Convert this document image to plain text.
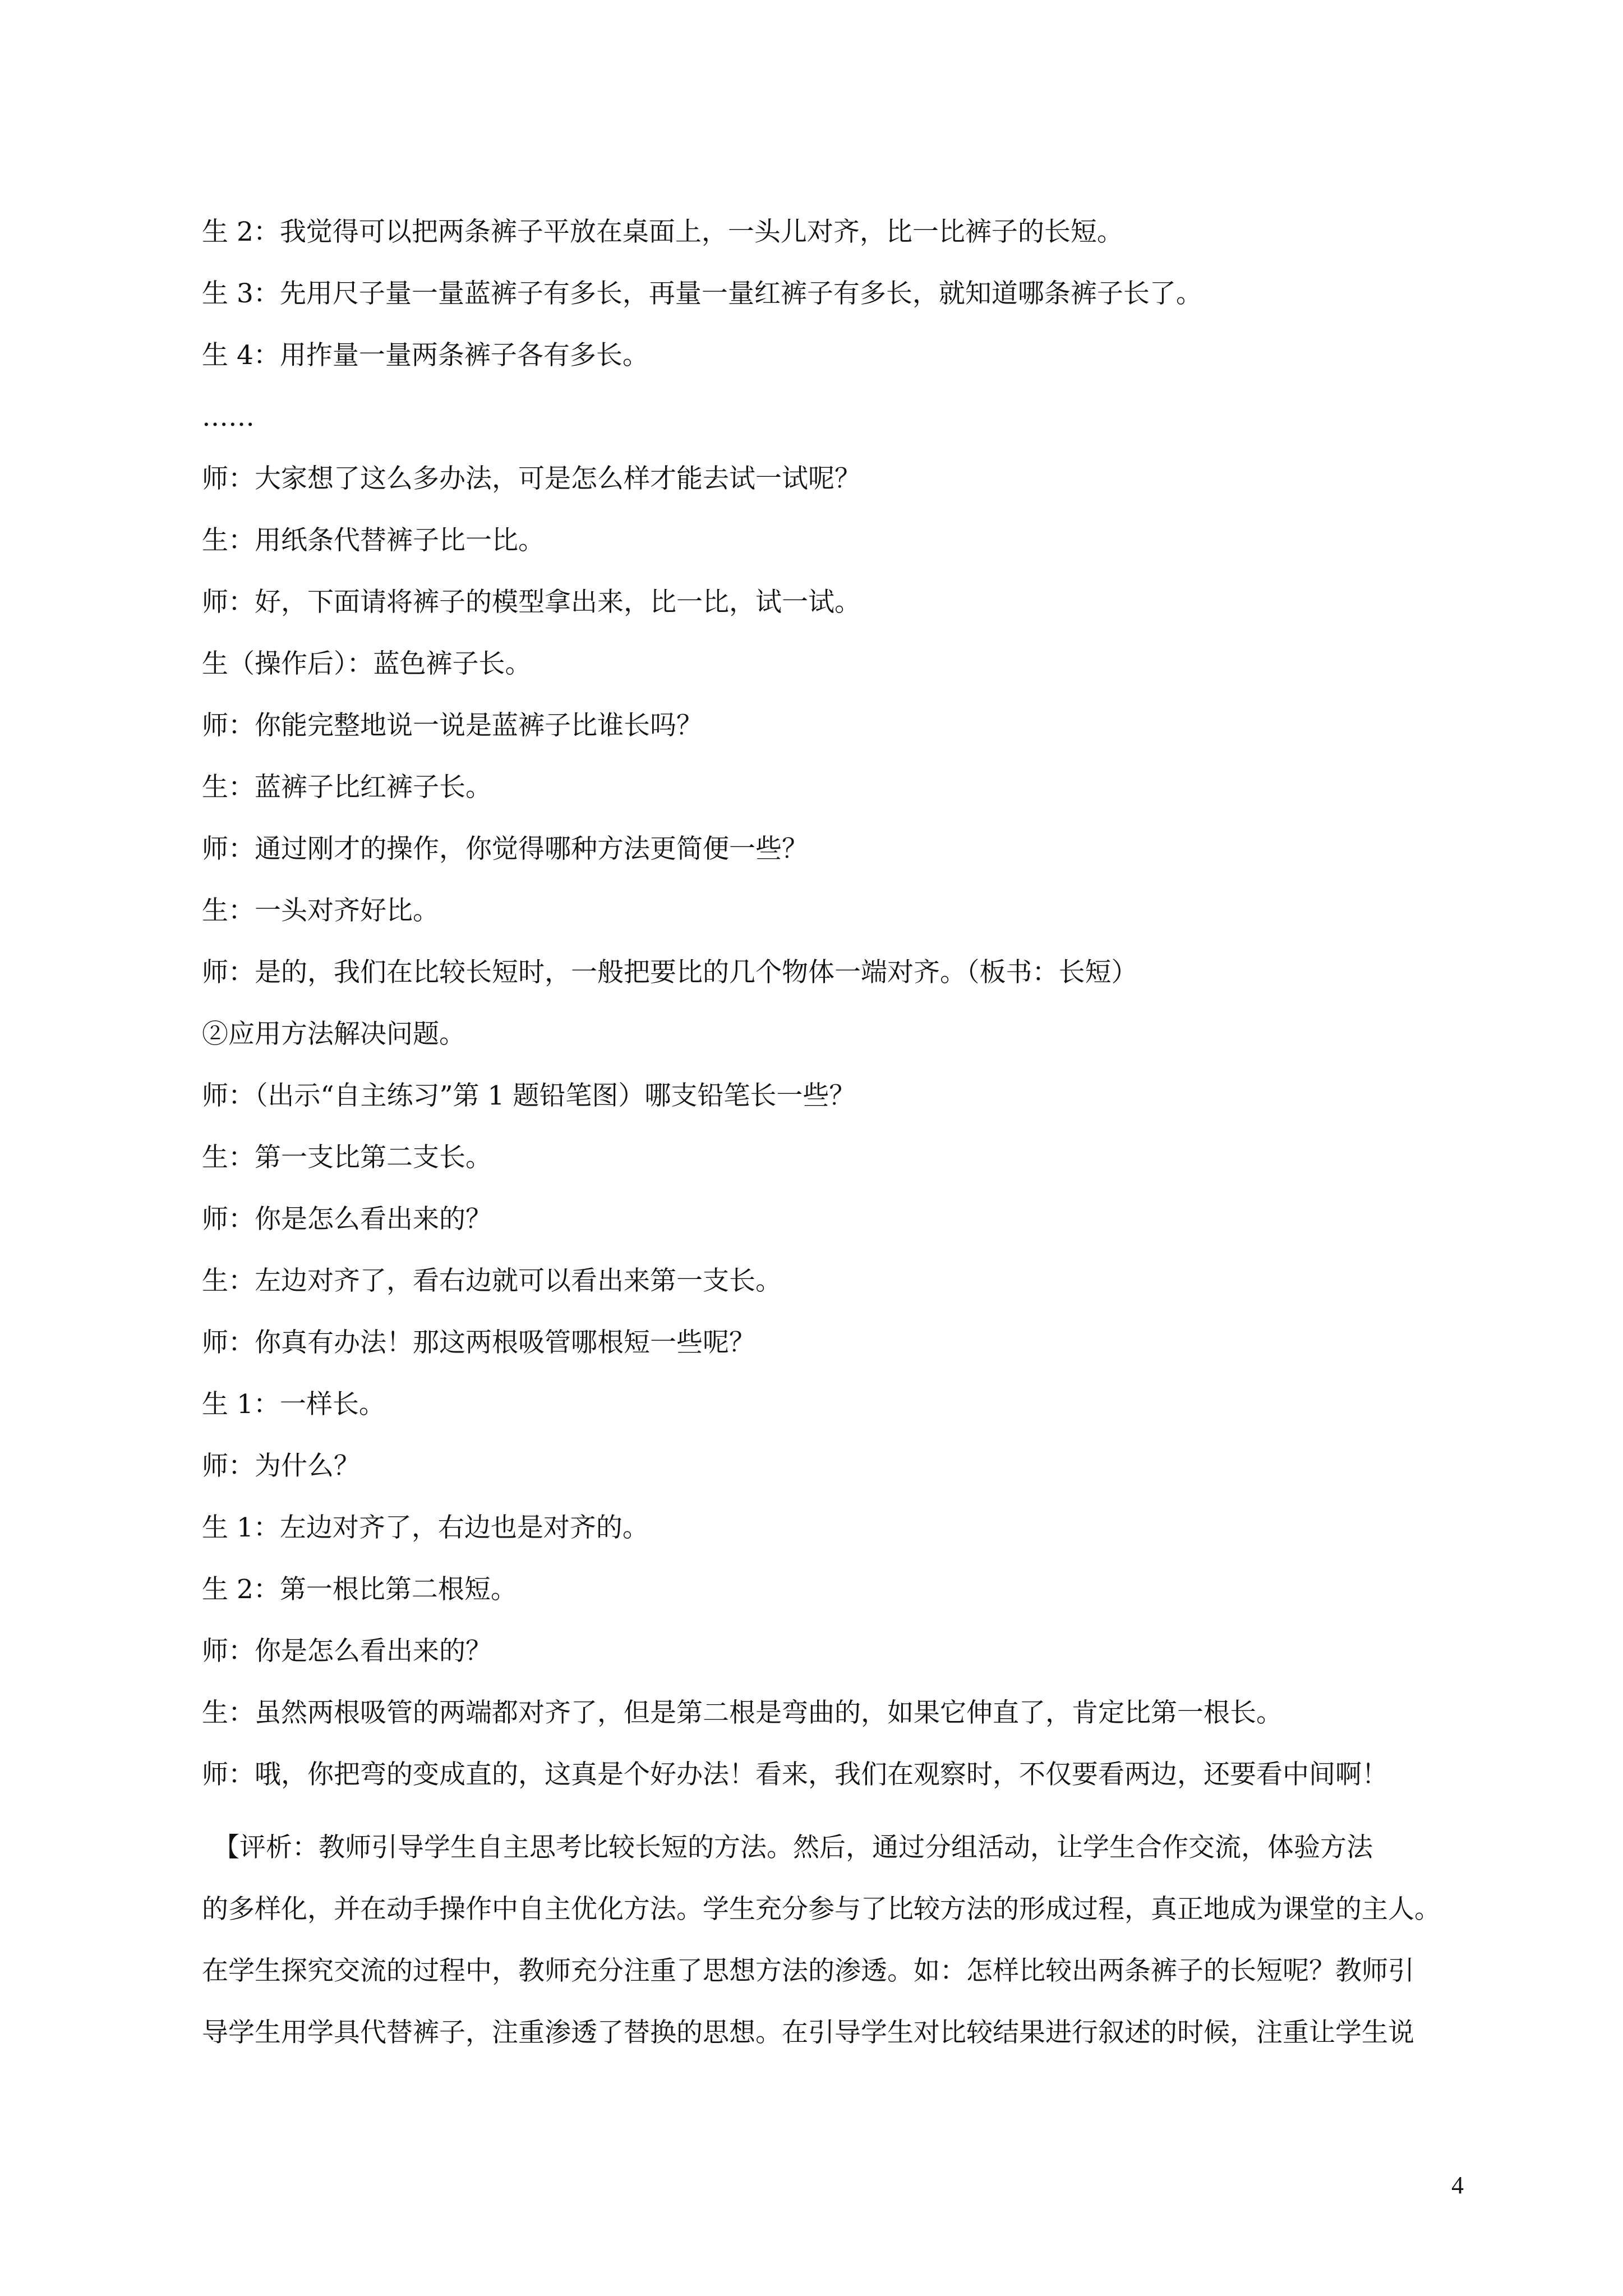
生 2：我觉得可以把两条裤子平放在桌面上，一头儿对齐，比一比裤子的长短。
生 3：先用尺子量一量蓝裤子有多长，再量一量红裤子有多长，就知道哪条裤子长了。
生 4：用拃量一量两条裤子各有多长。
……
师：大家想了这么多办法，可是怎么样才能去试一试呢？
生：用纸条代替裤子比一比。
师：好，下面请将裤子的模型拿出来，比一比，试一试。
生（操作后）：蓝色裤子长。
师：你能完整地说一说是蓝裤子比谁长吗？
生：蓝裤子比红裤子长。
师：通过刚才的操作，你觉得哪种方法更简便一些？
生：一头对齐好比。
师：是的，我们在比较长短时，一般把要比的几个物体一端对齐。（板书：长短）
②应用方法解决问题。
师：（出示“自主练习”第 1 题铅笔图）哪支铅笔长一些？
生：第一支比第二支长。
师：你是怎么看出来的？
生：左边对齐了，看右边就可以看出来第一支长。
师：你真有办法！那这两根吸管哪根短一些呢？
生 1：一样长。
师：为什么？
生 1：左边对齐了，右边也是对齐的。
生 2：第一根比第二根短。
师：你是怎么看出来的？
生：虽然两根吸管的两端都对齐了，但是第二根是弯曲的，如果它伸直了，肯定比第一根长。
师：哦，你把弯的变成直的，这真是个好办法！看来，我们在观察时，不仅要看两边，还要看中间啊！
【评析：教师引导学生自主思考比较长短的方法。然后，通过分组活动，让学生合作交流，体验方法
的多样化，并在动手操作中自主优化方法。学生充分参与了比较方法的形成过程，真正地成为课堂的主人。
在学生探究交流的过程中，教师充分注重了思想方法的渗透。如：怎样比较出两条裤子的长短呢？教师引
导学生用学具代替裤子，注重渗透了替换的思想。在引导学生对比较结果进行叙述的时候，注重让学生说
4
